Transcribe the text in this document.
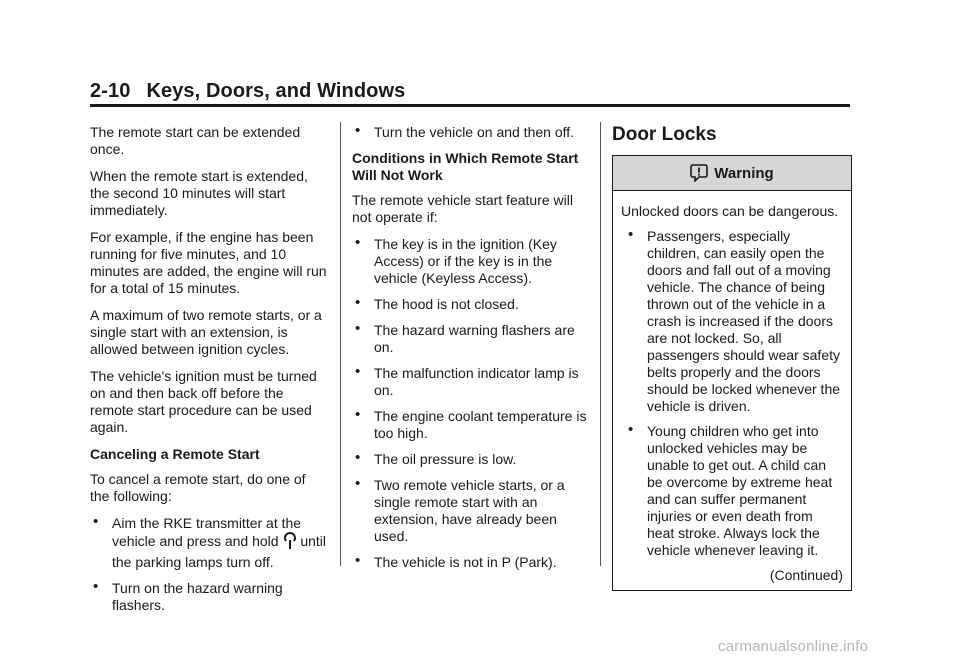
2-10 Keys, Doors, and Windows

The remote start can be extended once.

When the remote start is extended, the second 10 minutes will start immediately.

For example, if the engine has been running for five minutes, and 10 minutes are added, the engine will run for a total of 15 minutes.

A maximum of two remote starts, or a single start with an extension, is allowed between ignition cycles.

The vehicle's ignition must be turned on and then back off before the remote start procedure can be used again.

Canceling a Remote Start

To cancel a remote start, do one of the following:

• Aim the RKE transmitter at the vehicle and press and hold until the parking lamps turn off.
• Turn on the hazard warning flashers.
• Turn the vehicle on and then off.

Conditions in Which Remote Start Will Not Work

The remote vehicle start feature will not operate if:

• The key is in the ignition (Key Access) or if the key is in the vehicle (Keyless Access).
• The hood is not closed.
• The hazard warning flashers are on.
• The malfunction indicator lamp is on.
• The engine coolant temperature is too high.
• The oil pressure is low.
• Two remote vehicle starts, or a single remote start with an extension, have already been used.
• The vehicle is not in P (Park).
Door Locks
Warning

Unlocked doors can be dangerous.

• Passengers, especially children, can easily open the doors and fall out of a moving vehicle. The chance of being thrown out of the vehicle in a crash is increased if the doors are not locked. So, all passengers should wear safety belts properly and the doors should be locked whenever the vehicle is driven.
• Young children who get into unlocked vehicles may be unable to get out. A child can be overcome by extreme heat and can suffer permanent injuries or even death from heat stroke. Always lock the vehicle whenever leaving it.
(Continued)
carmanualsonline.info
